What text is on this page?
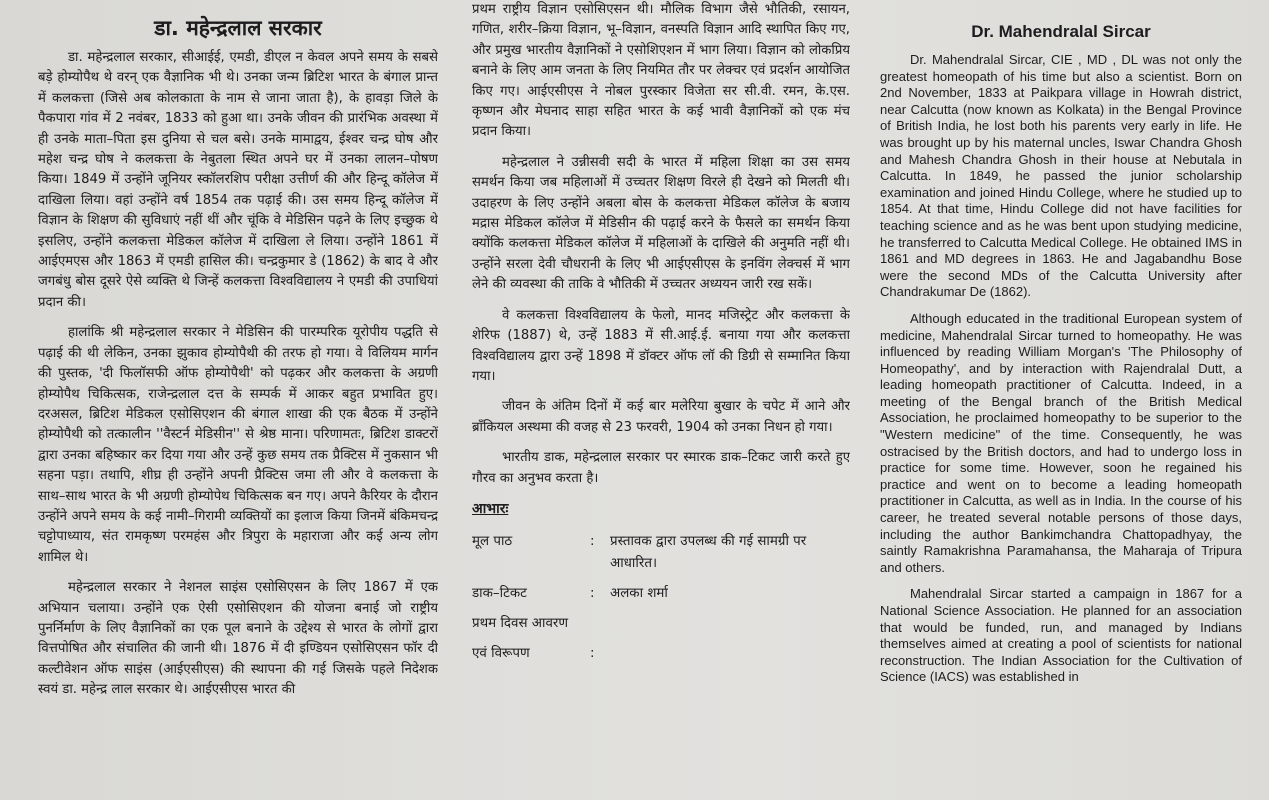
डा. महेन्द्रलाल सरकार

डा. महेन्द्रलाल सरकार, सीआईई, एमडी, डीएल न केवल अपने समय के सबसे बड़े होम्योपैथ थे वरन् एक वैज्ञानिक भी थे। उनका जन्म ब्रिटिश भारत के बंगाल प्रान्त में कलकत्ता (जिसे अब कोलकाता के नाम से जाना जाता है), के हावड़ा जिले के पैकपारा गांव में 2 नवंबर, 1833 को हुआ था। उनके जीवन की प्रारंभिक अवस्था में ही उनके माता–पिता इस दुनिया से चल बसे। उनके मामाद्वय, ईश्वर चन्द्र घोष और महेश चन्द्र घोष ने कलकत्ता के नेबुतला स्थित अपने घर में उनका लालन–पोषण किया। 1849 में उन्होंने जूनियर स्कॉलरशिप परीक्षा उत्तीर्ण की और हिन्दू कॉलेज में दाखिला लिया। वहां उन्होंने वर्ष 1854 तक पढ़ाई की। उस समय हिन्दू कॉलेज में विज्ञान के शिक्षण की सुविधाएं नहीं थीं और चूंकि वे मेडिसिन पढ़ने के लिए इच्छुक थे इसलिए, उन्होंने कलकत्ता मेडिकल कॉलेज में दाखिला ले लिया। उन्होंने 1861 में आईएमएस और 1863 में एमडी हासिल की। चन्द्रकुमार डे (1862) के बाद वे और जगबंधु बोस दूसरे ऐसे व्यक्ति थे जिन्हें कलकत्ता विश्वविद्यालय ने एमडी की उपाधियां प्रदान की।

हालांकि श्री महेन्द्रलाल सरकार ने मेडिसिन की पारम्परिक यूरोपीय पद्धति से पढ़ाई की थी लेकिन, उनका झुकाव होम्योपैथी की तरफ हो गया। वे विलियम मार्गन की पुस्तक, 'दी फिलॉसफी ऑफ होम्योपैथी' को पढ़कर और कलकत्ता के अग्रणी होम्योपैथ चिकित्सक, राजेन्द्रलाल दत्त के सम्पर्क में आकर बहुत प्रभावित हुए। दरअसल, ब्रिटिश मेडिकल एसोसिएशन की बंगाल शाखा की एक बैठक में उन्होंने होम्योपैथी को तत्कालीन ''वैस्टर्न मेडिसीन'' से श्रेष्ठ माना। परिणामतः, ब्रिटिश डाक्टरों द्वारा उनका बहिष्कार कर दिया गया और उन्हें कुछ समय तक प्रैक्टिस में नुकसान भी सहना पड़ा। तथापि, शीघ्र ही उन्होंने अपनी प्रैक्टिस जमा ली और वे कलकत्ता के साथ–साथ भारत के भी अग्रणी होम्योपेथ चिकित्सक बन गए। अपने कैरियर के दौरान उन्होंने अपने समय के कई नामी–गिरामी व्यक्तियों का इलाज किया जिनमें बंकिमचन्द्र चट्टोपाध्याय, संत रामकृष्ण परमहंस और त्रिपुरा के महाराजा और कई अन्य लोग शामिल थे।

महेन्द्रलाल सरकार ने नेशनल साइंस एसोसिएसन के लिए 1867 में एक अभियान चलाया। उन्होंने एक ऐसी एसोसिएशन की योजना बनाई जो राष्ट्रीय पुनर्निर्माण के लिए वैज्ञानिकों का एक पूल बनाने के उद्देश्य से भारत के लोगों द्वारा वित्तपोषित और संचालित की जानी थी। 1876 में दी इण्डियन एसोसिएसन फॉर दी कल्टीवेशन ऑफ साइंस (आईएसीएस) की स्थापना की गई जिसके पहले निदेशक स्वयं डा. महेन्द्र लाल सरकार थे। आईएसीएस भारत की

प्रथम राष्ट्रीय विज्ञान एसोसिएसन थी। मौलिक विभाग जैसे भौतिकी, रसायन, गणित, शरीर–क्रिया विज्ञान, भू–विज्ञान, वनस्पति विज्ञान आदि स्थापित किए गए, और प्रमुख भारतीय वैज्ञानिकों ने एसोशिएशन में भाग लिया। विज्ञान को लोकप्रिय बनाने के लिए आम जनता के लिए नियमित तौर पर लेक्चर एवं प्रदर्शन आयोजित किए गए। आईएसीएस ने नोबल पुरस्कार विजेता सर सी.वी. रमन, के.एस. कृष्णन और मेघनाद साहा सहित भारत के कई भावी वैज्ञानिकों को एक मंच प्रदान किया।

महेन्द्रलाल ने उन्नीसवी सदी के भारत में महिला शिक्षा का उस समय समर्थन किया जब महिलाओं में उच्चतर शिक्षण विरले ही देखने को मिलती थी। उदाहरण के लिए उन्होंने अबला बोस के कलकत्ता मेडिकल कॉलेज के बजाय मद्रास मेडिकल कॉलेज में मेडिसीन की पढ़ाई करने के फैसले का समर्थन किया क्योंकि कलकत्ता मेडिकल कॉलेज में महिलाओं के दाखिले की अनुमति नहीं थी। उन्होंने सरला देवी चौधरानी के लिए भी आईएसीएस के इनविंग लेक्चर्स में भाग लेने की व्यवस्था की ताकि वे भौतिकी में उच्चतर अध्ययन जारी रख सकें।

वे कलकत्ता विश्वविद्यालय के फेलो, मानद मजिस्ट्रेट और कलकत्ता के शेरिफ (1887) थे, उन्हें 1883 में सी.आई.ई. बनाया गया और कलकत्ता विश्वविद्यालय द्वारा उन्हें 1898 में डॉक्टर ऑफ लॉ की डिग्री से सम्मानित किया गया।

जीवन के अंतिम दिनों में कई बार मलेरिया बुखार के चपेट में आने और ब्रॉंकियल अस्थमा की वजह से 23 फरवरी, 1904 को उनका निधन हो गया।

भारतीय डाक, महेन्द्रलाल सरकार पर स्मारक डाक–टिकट जारी करते हुए गौरव का अनुभव करता है।

आभारः
मूल पाठ	:	प्रस्तावक द्वारा उपलब्ध की गई सामग्री पर आधारित।
डाक–टिकट	:	अलका शर्मा
प्रथम दिवस आवरण		
एवं विरूपण	:	
Dr. Mahendralal Sircar

Dr. Mahendralal Sircar, CIE , MD , DL was not only the greatest homeopath of his time but also a scientist. Born on 2nd November, 1833 at Paikpara village in Howrah district, near Calcutta (now known as Kolkata) in the Bengal Province of British India, he lost both his parents very early in life. He was brought up by his maternal uncles, Iswar Chandra Ghosh and Mahesh Chandra Ghosh in their house at Nebutala in Calcutta. In 1849, he passed the junior scholarship examination and joined Hindu College, where he studied up to 1854. At that time, Hindu College did not have facilities for teaching science and as he was bent upon studying medicine, he transferred to Calcutta Medical College. He obtained IMS in 1861 and MD degrees in 1863. He and Jagabandhu Bose were the second MDs of the Calcutta University after Chandrakumar De (1862).

Although educated in the traditional European system of medicine, Mahendralal Sircar turned to homeopathy. He was influenced by reading William Morgan's 'The Philosophy of Homeopathy', and by interaction with Rajendralal Dutt, a leading homeopath practitioner of Calcutta. Indeed, in a meeting of the Bengal branch of the British Medical Association, he proclaimed homeopathy to be superior to the "Western medicine" of the time. Consequently, he was ostracised by the British doctors, and had to undergo loss in practice for some time. However, soon he regained his practice and went on to become a leading homeopath practitioner in Calcutta, as well as in India. In the course of his career, he treated several notable persons of those days, including the author Bankimchandra Chattopadhyay, the saintly Ramakrishna Paramahansa, the Maharaja of Tripura and others.

Mahendralal Sircar started a campaign in 1867 for a National Science Association. He planned for an association that would be funded, run, and managed by Indians themselves aimed at creating a pool of scientists for national reconstruction. The Indian Association for the Cultivation of Science (IACS) was established in
